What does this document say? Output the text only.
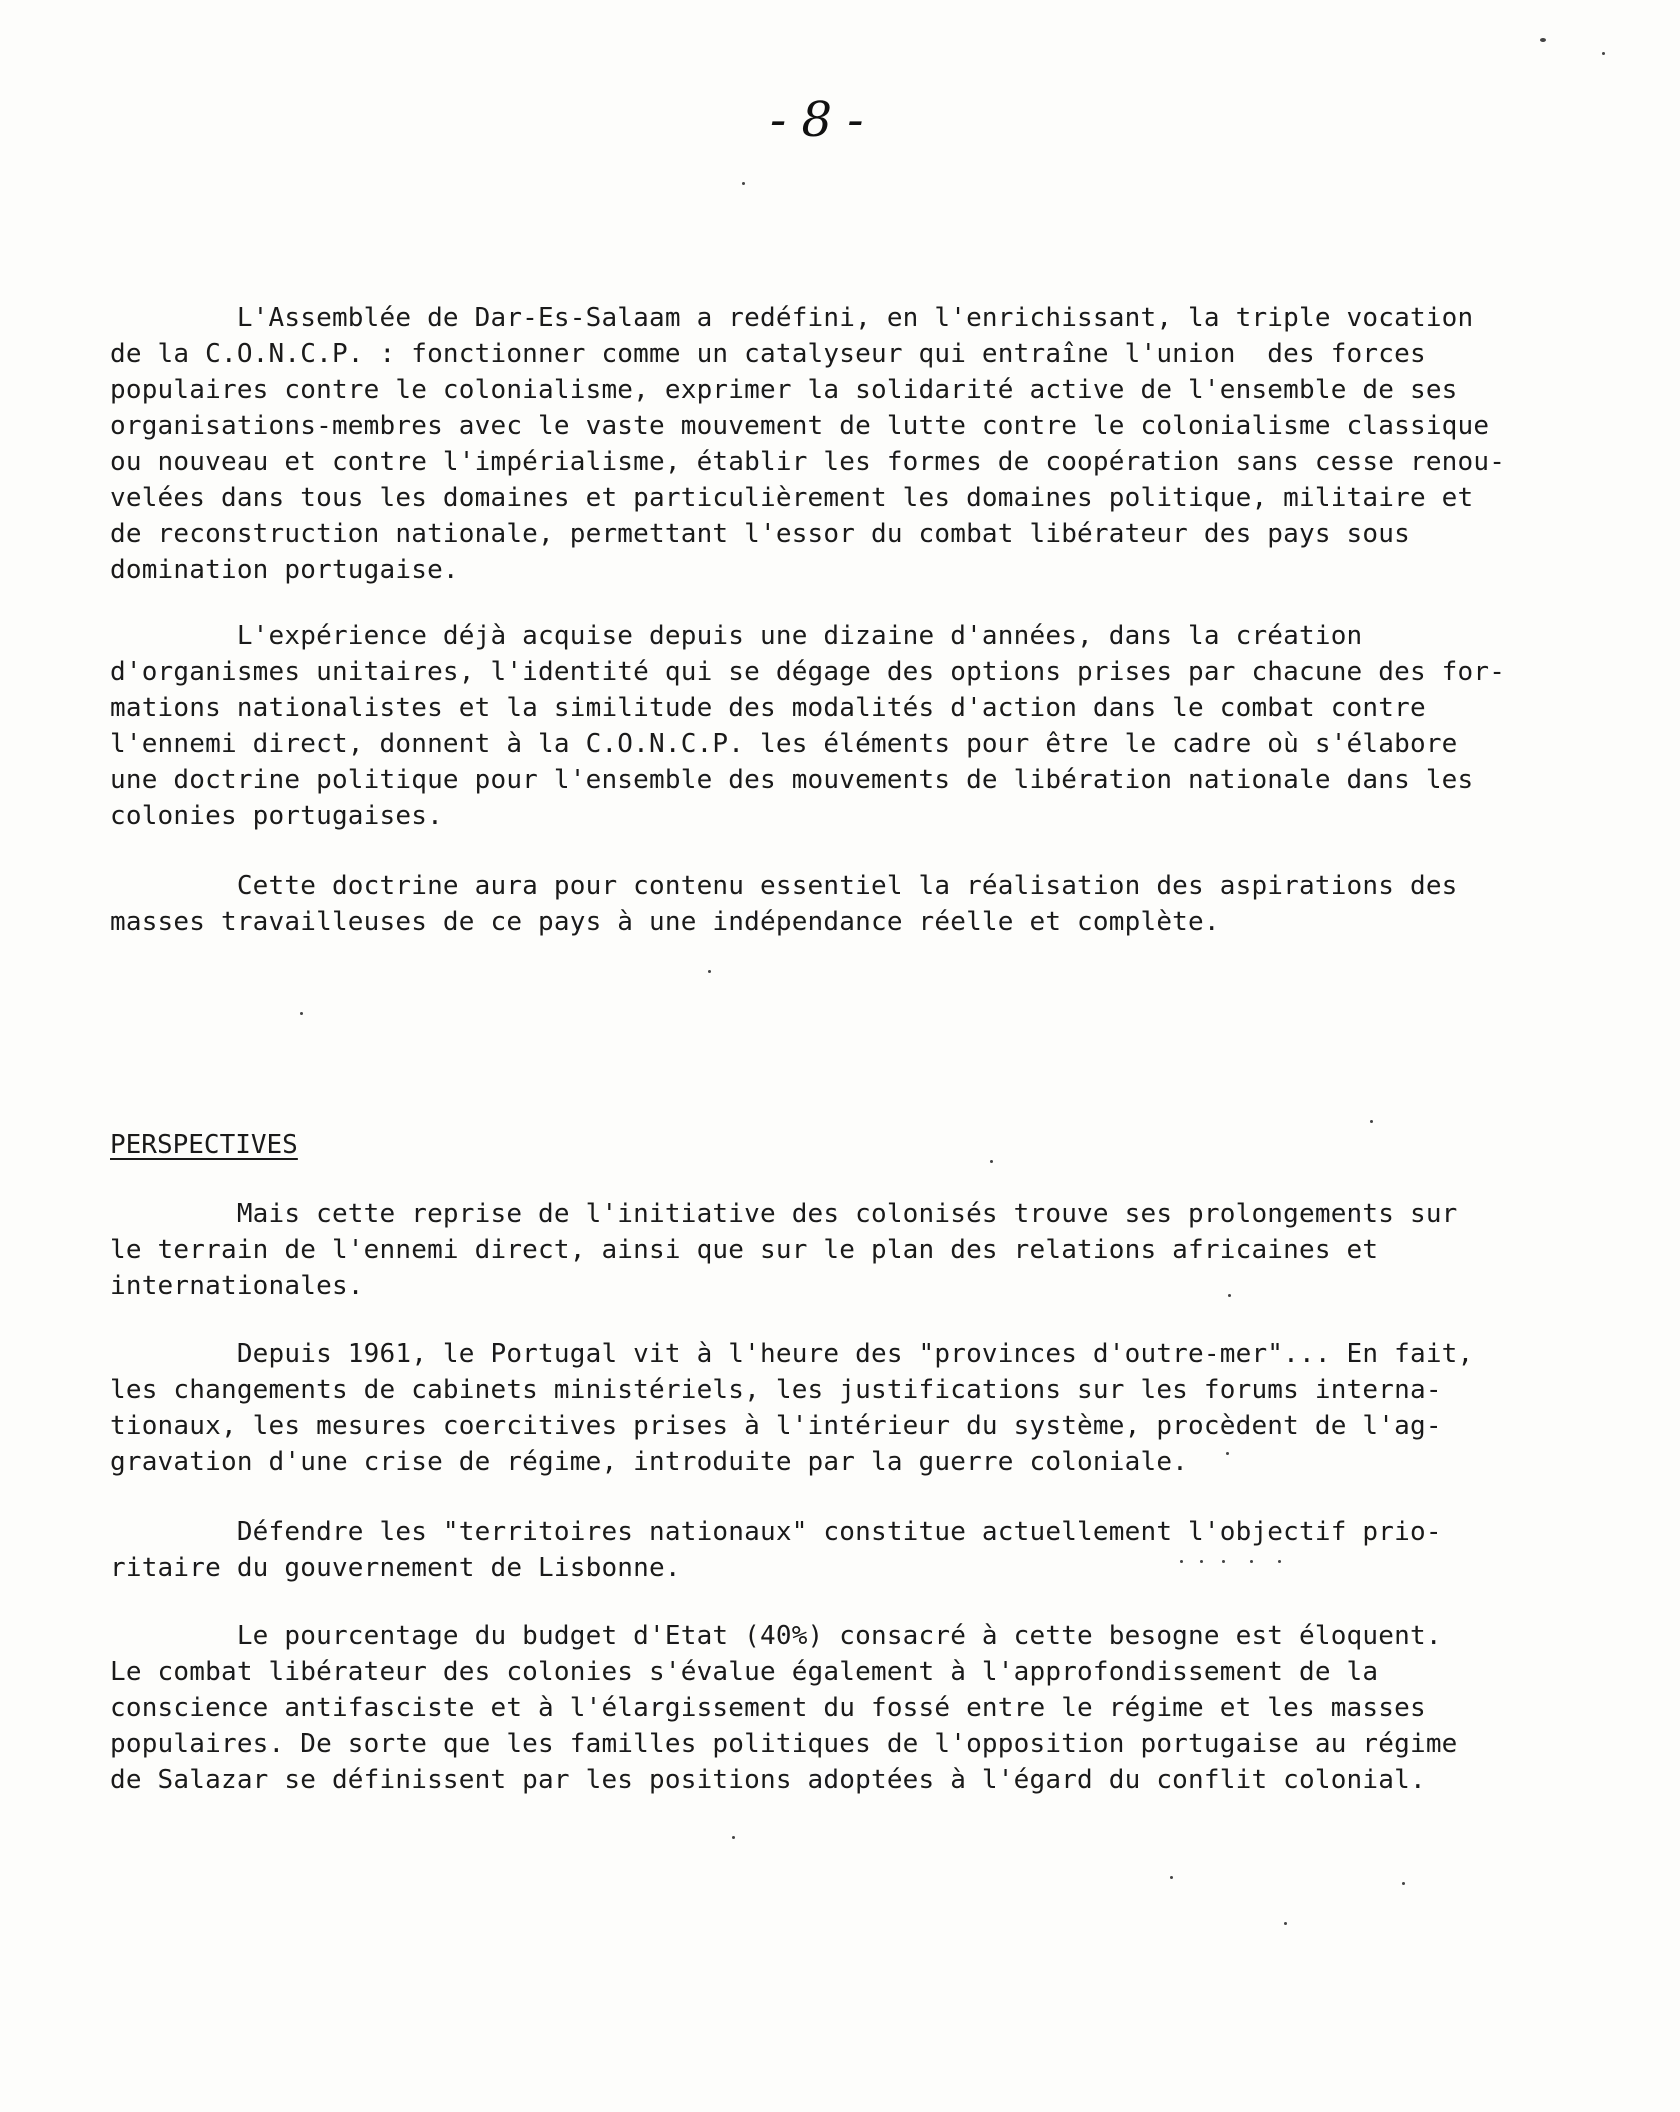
- 8 -

L'Assemblée de Dar-Es-Salaam a redéfini, en l'enrichissant, la triple vocation
de la C.O.N.C.P. : fonctionner comme un catalyseur qui entraîne l'union  des forces
populaires contre le colonialisme, exprimer la solidarité active de l'ensemble de ses
organisations-membres avec le vaste mouvement de lutte contre le colonialisme classique
ou nouveau et contre l'impérialisme, établir les formes de coopération sans cesse renou-
velées dans tous les domaines et particulièrement les domaines politique, militaire et
de reconstruction nationale, permettant l'essor du combat libérateur des pays sous
domination portugaise.

L'expérience déjà acquise depuis une dizaine d'années, dans la création
d'organismes unitaires, l'identité qui se dégage des options prises par chacune des for-
mations nationalistes et la similitude des modalités d'action dans le combat contre
l'ennemi direct, donnent à la C.O.N.C.P. les éléments pour être le cadre où s'élabore
une doctrine politique pour l'ensemble des mouvements de libération nationale dans les
colonies portugaises.

Cette doctrine aura pour contenu essentiel la réalisation des aspirations des
masses travailleuses de ce pays à une indépendance réelle et complète.

PERSPECTIVES

Mais cette reprise de l'initiative des colonisés trouve ses prolongements sur
le terrain de l'ennemi direct, ainsi que sur le plan des relations africaines et
internationales.

Depuis 1961, le Portugal vit à l'heure des "provinces d'outre-mer"... En fait,
les changements de cabinets ministériels, les justifications sur les forums interna-
tionaux, les mesures coercitives prises à l'intérieur du système, procèdent de l'ag-
gravation d'une crise de régime, introduite par la guerre coloniale.

Défendre les "territoires nationaux" constitue actuellement l'objectif prio-
ritaire du gouvernement de Lisbonne.

Le pourcentage du budget d'Etat (40%) consacré à cette besogne est éloquent.
Le combat libérateur des colonies s'évalue également à l'approfondissement de la
conscience antifasciste et à l'élargissement du fossé entre le régime et les masses
populaires. De sorte que les familles politiques de l'opposition portugaise au régime
de Salazar se définissent par les positions adoptées à l'égard du conflit colonial.
